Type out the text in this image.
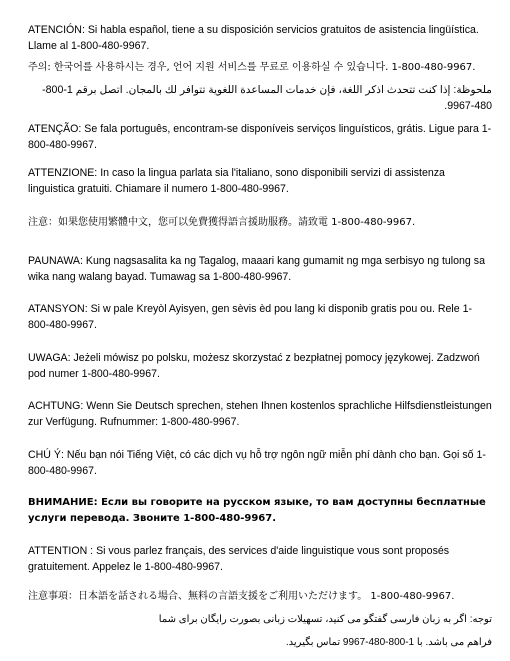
ATENCIÓN: Si habla español, tiene a su disposición servicios gratuitos de asistencia lingüística. Llame al 1-800-480-9967.

주의: 한국어를 사용하시는 경우, 언어 지원 서비스를 무료로 이용하실 수 있습니다. 1-800-480-9967.

ملحوظة: إذا كنت تتحدث اذكر اللغة، فإن خدمات المساعدة اللغوية تتوافر لك بالمجان. اتصل برقم 1-800-480-9967.

ATENÇÃO: Se fala português, encontram-se disponíveis serviços linguísticos, grátis. Ligue para 1-800-480-9967.

ATTENZIONE: In caso la lingua parlata sia l'italiano, sono disponibili servizi di assistenza linguistica gratuiti. Chiamare il numero 1-800-480-9967.

注意：如果您使用繁體中文，您可以免費獲得語言援助服務。請致電 1-800-480-9967.

PAUNAWA: Kung nagsasalita ka ng Tagalog, maaari kang gumamit ng mga serbisyo ng tulong sa wika nang walang bayad. Tumawag sa 1-800-480-9967.

ATANSYON: Si w pale Kreyòl Ayisyen, gen sèvis èd pou lang ki disponib gratis pou ou. Rele 1-800-480-9967.

UWAGA: Jeżeli mówisz po polsku, możesz skorzystać z bezpłatnej pomocy językowej. Zadzwoń pod numer 1-800-480-9967.

ACHTUNG: Wenn Sie Deutsch sprechen, stehen Ihnen kostenlos sprachliche Hilfsdienstleistungen zur Verfügung. Rufnummer: 1-800-480-9967.

CHÚ Ý: Nếu bạn nói Tiếng Việt, có các dịch vụ hỗ trợ ngôn ngữ miễn phí dành cho bạn. Gọi số 1-800-480-9967.

ВНИМАНИЕ: Если вы говорите на русском языке, то вам доступны бесплатные услуги перевода. Звоните 1-800-480-9967.

ATTENTION : Si vous parlez français, des services d'aide linguistique vous sont proposés gratuitement. Appelez le 1-800-480-9967.

注意事項：日本語を話される場合、無料の言語支援をご利用いただけます。 1-800-480-9967.

توجه: اگر به زبان فارسی گفتگو می کنید، تسهیلات زبانی بصورت رایگان برای شما

فراهم می باشد. با 1-800-480-9967 تماس بگیرید.
